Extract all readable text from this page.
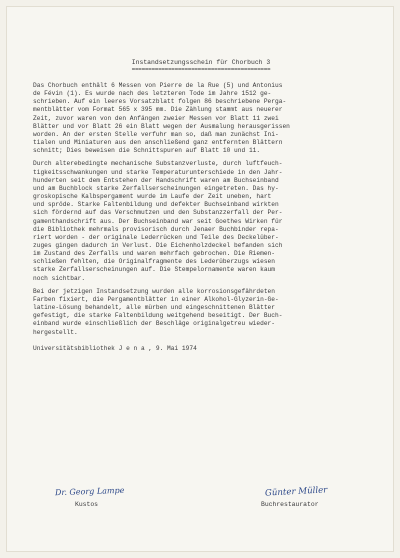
Instandsetzungsschein für Chorbuch 3

==========================================

Das Chorbuch enthält 6 Messen von Pierre de la Rue (5) und Antonius
de Févin (1). Es wurde nach des letzteren Tode im Jahre 1512 ge-
schrieben. Auf ein leeres Vorsatzblatt folgen 86 beschriebene Perga-
mentblätter vom Format 565 x 395 mm. Die Zählung stammt aus neuerer
Zeit, zuvor waren von den Anfängen zweier Messen vor Blatt 11 zwei
Blätter und vor Blatt 26 ein Blatt wegen der Ausmalung herausgerissen
worden. An der ersten Stelle verfuhr man so, daß man zunächst Ini-
tialen und Miniaturen aus den anschließend ganz entfernten Blättern
schnitt; Dies beweisen die Schnittspuren auf Blatt 10 und 11.

Durch alterebedingte mechanische Substanzverluste, durch luftfeuch-
tigkeitsschwankungen und starke Temperaturunterschiede in den Jahr-
hunderten seit dem Entstehen der Handschrift waren am Buchseinband
und am Buchblock starke Zerfallserscheinungen eingetreten. Das hy-
groskopische Kalbspergament wurde im Laufe der Zeit uneben, hart
und spröde. Starke Faltenbildung und defekter Buchseinband wirkten
sich fördernd auf das Verschmutzen und den Substanzzerfall der Per-
gamenthandschrift aus. Der Buchseinband war seit Goethes Wirken für
die Bibliothek mehrmals provisorisch durch Jenaer Buchbinder repa-
riert worden - der originale Lederrücken und Teile des Deckelüber-
zuges gingen dadurch in Verlust. Die Eichenholzdeckel befanden sich
im Zustand des Zerfalls und waren mehrfach gebrochen. Die Riemen-
schließen fehlten, die Originalfragmente des Lederüberzugs wiesen
starke Zerfallserscheinungen auf. Die Stempelornamente waren kaum
noch sichtbar.

Bei der jetzigen Instandsetzung wurden alle korrosionsgefährdeten
Farben fixiert, die Pergamentblätter in einer Alkohol-Glyzerin-Ge-
latine-Lösung behandelt, alle mürben und eingeschnittenen Blätter
gefestigt, die starke Faltenbildung weitgehend beseitigt. Der Buch-
einband wurde einschließlich der Beschläge originalgetreu wieder-
hergestellt.

Universitätsbibliothek J e n a , 9. Mai 1974
Dr. Georg Lampe
Kustos
Günter Müller
Buchrestaurator
